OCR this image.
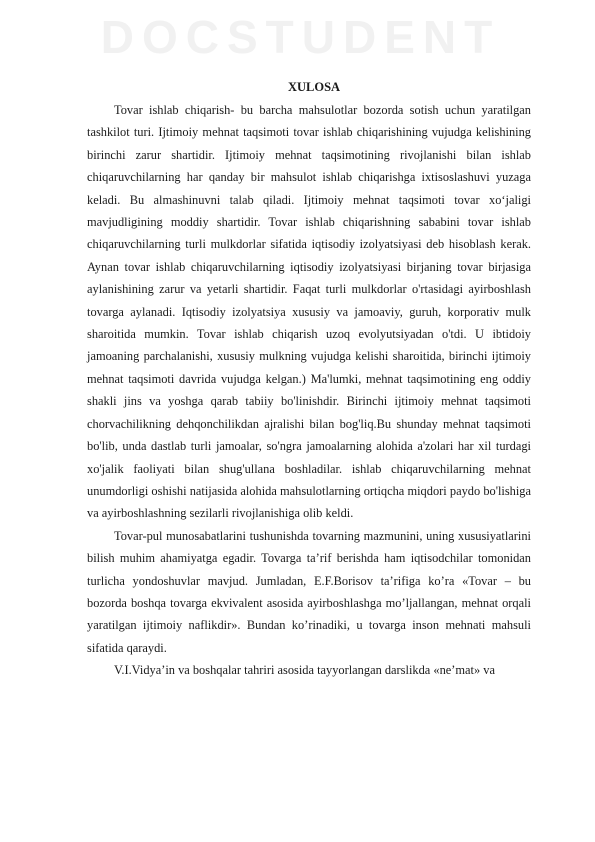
D O C S T U D E N T
XULOSA

Tovar ishlab chiqarish- bu barcha mahsulotlar bozorda sotish uchun yaratilgan tashkilot turi. Ijtimoiy mehnat taqsimoti tovar ishlab chiqarishining vujudga kelishining birinchi zarur shartidir. Ijtimoiy mehnat taqsimotining rivojlanishi bilan ishlab chiqaruvchilarning har qanday bir mahsulot ishlab chiqarishga ixtisoslashuvi yuzaga keladi. Bu almashinuvni talab qiladi. Ijtimoiy mehnat taqsimoti tovar xo‘jaligi mavjudligining moddiy shartidir. Tovar ishlab chiqarishning sababini tovar ishlab chiqaruvchilarning turli mulkdorlar sifatida iqtisodiy izolyatsiyasi deb hisoblash kerak. Aynan tovar ishlab chiqaruvchilarning iqtisodiy izolyatsiyasi birjaning tovar birjasiga aylanishining zarur va yetarli shartidir. Faqat turli mulkdorlar o'rtasidagi ayirboshlash tovarga aylanadi. Iqtisodiy izolyatsiya xususiy va jamoaviy, guruh, korporativ mulk sharoitida mumkin. Tovar ishlab chiqarish uzoq evolyutsiyadan o'tdi. U ibtidoiy jamoaning parchalanishi, xususiy mulkning vujudga kelishi sharoitida, birinchi ijtimoiy mehnat taqsimoti davrida vujudga kelgan.) Ma'lumki, mehnat taqsimotining eng oddiy shakli jins va yoshga qarab tabiiy bo'linishdir. Birinchi ijtimoiy mehnat taqsimoti chorvachilikning dehqonchilikdan ajralishi bilan bog'liq.Bu shunday mehnat taqsimoti bo'lib, unda dastlab turli jamoalar, so'ngra jamoalarning alohida a'zolari har xil turdagi xo'jalik faoliyati bilan shug'ullana boshladilar. ishlab chiqaruvchilarning mehnat unumdorligi oshishi natijasida alohida mahsulotlarning ortiqcha miqdori paydo bo'lishiga va ayirboshlashning sezilarli rivojlanishiga olib keldi.

Tovar-pul munosabatlarini tushunishda tovarning mazmunini, uning xususiyatlarini bilish muhim ahamiyatga egadir. Tovarga ta’rif berishda ham iqtisodchilar tomonidan turlicha yondoshuvlar mavjud. Jumladan, E.F.Borisov ta’rifiga ko’ra «Tovar – bu bozorda boshqa tovarga ekvivalent asosida ayirboshlashga mo’ljallangan, mehnat orqali yaratilgan ijtimoiy naflikdir». Bundan ko’rinadiki, u tovarga inson mehnati mahsuli sifatida qaraydi.

V.I.Vidya’in va boshqalar tahriri asosida tayyorlangan darslikda «ne’mat» va
